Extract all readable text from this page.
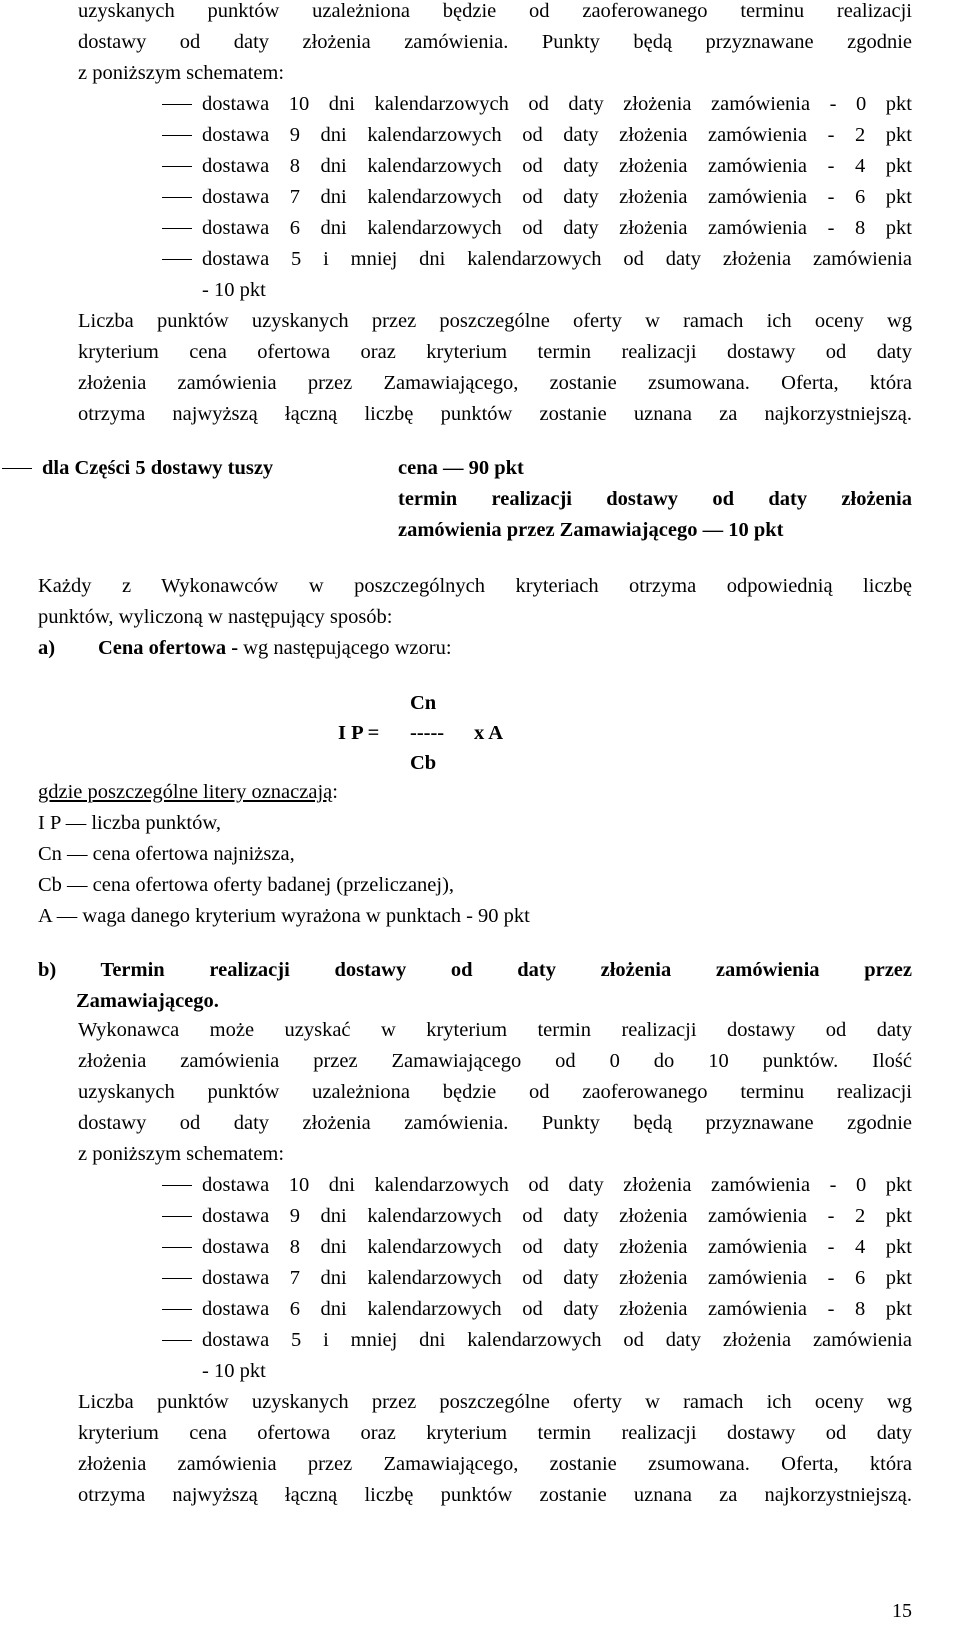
uzyskanych punktów uzależniona będzie od zaoferowanego terminu realizacji
dostawy od daty złożenia zamówienia. Punkty będą przyznawane zgodnie
z poniższym schematem:
dostawa 10 dni kalendarzowych od daty złożenia zamówienia - 0 pkt
dostawa 9 dni kalendarzowych od daty złożenia zamówienia - 2 pkt
dostawa 8 dni kalendarzowych od daty złożenia zamówienia - 4 pkt
dostawa 7 dni kalendarzowych od daty złożenia zamówienia - 6 pkt
dostawa 6 dni kalendarzowych od daty złożenia zamówienia - 8 pkt
dostawa 5 i mniej dni kalendarzowych od daty złożenia zamówienia
- 10 pkt
Liczba punktów uzyskanych przez poszczególne oferty w ramach ich oceny wg
kryterium cena ofertowa oraz kryterium termin realizacji dostawy od daty
złożenia zamówienia przez Zamawiającego, zostanie zsumowana. Oferta, która
otrzyma najwyższą łączną liczbę punktów zostanie uznana za najkorzystniejszą.
dla Części 5 dostawy tuszy	cena — 90 pkt
termin realizacji dostawy od daty złożenia
zamówienia przez Zamawiającego — 10 pkt
Każdy z Wykonawców w poszczególnych kryteriach otrzyma odpowiednią liczbę
punktów, wyliczoną w następujący sposób:
a) Cena ofertowa - wg następującego wzoru:
Cn
I P = ----- x A
Cb
gdzie poszczególne litery oznaczają:
I P — liczba punktów,
Cn — cena ofertowa najniższa,
Cb — cena ofertowa oferty badanej (przeliczanej),
A — waga danego kryterium wyrażona w punktach - 90 pkt
b) Termin realizacji dostawy od daty złożenia zamówienia przez
Zamawiającego.
Wykonawca może uzyskać w kryterium termin realizacji dostawy od daty
złożenia zamówienia przez Zamawiającego od 0 do 10 punktów. Ilość
uzyskanych punktów uzależniona będzie od zaoferowanego terminu realizacji
dostawy od daty złożenia zamówienia. Punkty będą przyznawane zgodnie
z poniższym schematem:
dostawa 10 dni kalendarzowych od daty złożenia zamówienia - 0 pkt
dostawa 9 dni kalendarzowych od daty złożenia zamówienia - 2 pkt
dostawa 8 dni kalendarzowych od daty złożenia zamówienia - 4 pkt
dostawa 7 dni kalendarzowych od daty złożenia zamówienia - 6 pkt
dostawa 6 dni kalendarzowych od daty złożenia zamówienia - 8 pkt
dostawa 5 i mniej dni kalendarzowych od daty złożenia zamówienia
- 10 pkt
Liczba punktów uzyskanych przez poszczególne oferty w ramach ich oceny wg
kryterium cena ofertowa oraz kryterium termin realizacji dostawy od daty
złożenia zamówienia przez Zamawiającego, zostanie zsumowana. Oferta, która
otrzyma najwyższą łączną liczbę punktów zostanie uznana za najkorzystniejszą.
15
